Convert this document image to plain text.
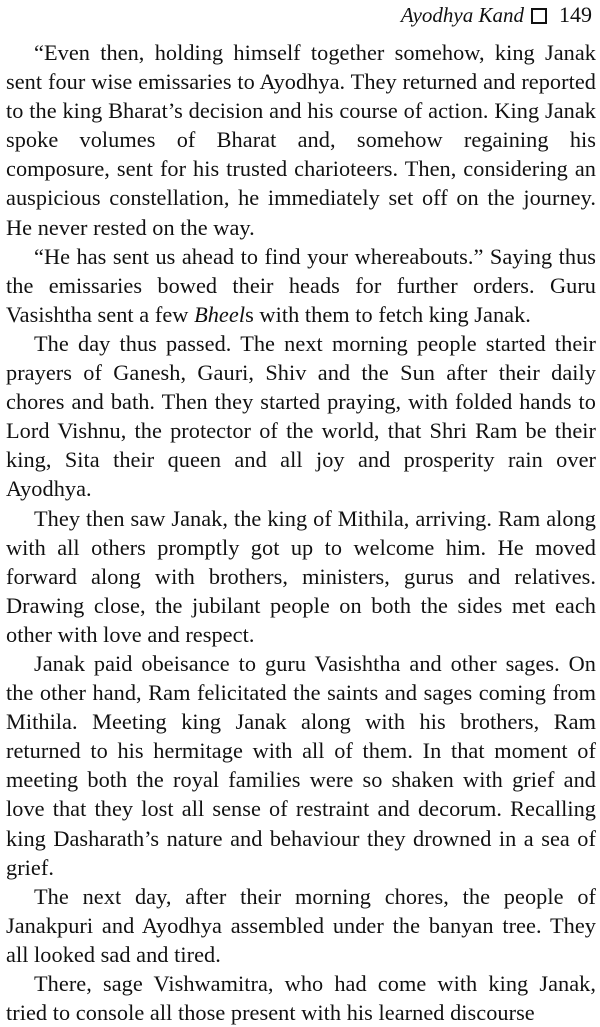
Ayodhya Kand 149

“Even then, holding himself together somehow, king Janak sent four wise emissaries to Ayodhya. They returned and reported to the king Bharat’s decision and his course of action. King Janak spoke volumes of Bharat and, somehow regaining his composure, sent for his trusted charioteers. Then, considering an auspicious constellation, he immediately set off on the journey. He never rested on the way.

“He has sent us ahead to find your whereabouts.” Saying thus the emissaries bowed their heads for further orders. Guru Vasishtha sent a few Bheels with them to fetch king Janak.

The day thus passed. The next morning people started their prayers of Ganesh, Gauri, Shiv and the Sun after their daily chores and bath. Then they started praying, with folded hands to Lord Vishnu, the protector of the world, that Shri Ram be their king, Sita their queen and all joy and prosperity rain over Ayodhya.

They then saw Janak, the king of Mithila, arriving. Ram along with all others promptly got up to welcome him. He moved forward along with brothers, ministers, gurus and relatives. Drawing close, the jubilant people on both the sides met each other with love and respect.

Janak paid obeisance to guru Vasishtha and other sages. On the other hand, Ram felicitated the saints and sages coming from Mithila. Meeting king Janak along with his brothers, Ram returned to his hermitage with all of them. In that moment of meeting both the royal families were so shaken with grief and love that they lost all sense of restraint and decorum. Recalling king Dasharath’s nature and behaviour they drowned in a sea of grief.

The next day, after their morning chores, the people of Janakpuri and Ayodhya assembled under the banyan tree. They all looked sad and tired.

There, sage Vishwamitra, who had come with king Janak, tried to console all those present with his learned discourse
